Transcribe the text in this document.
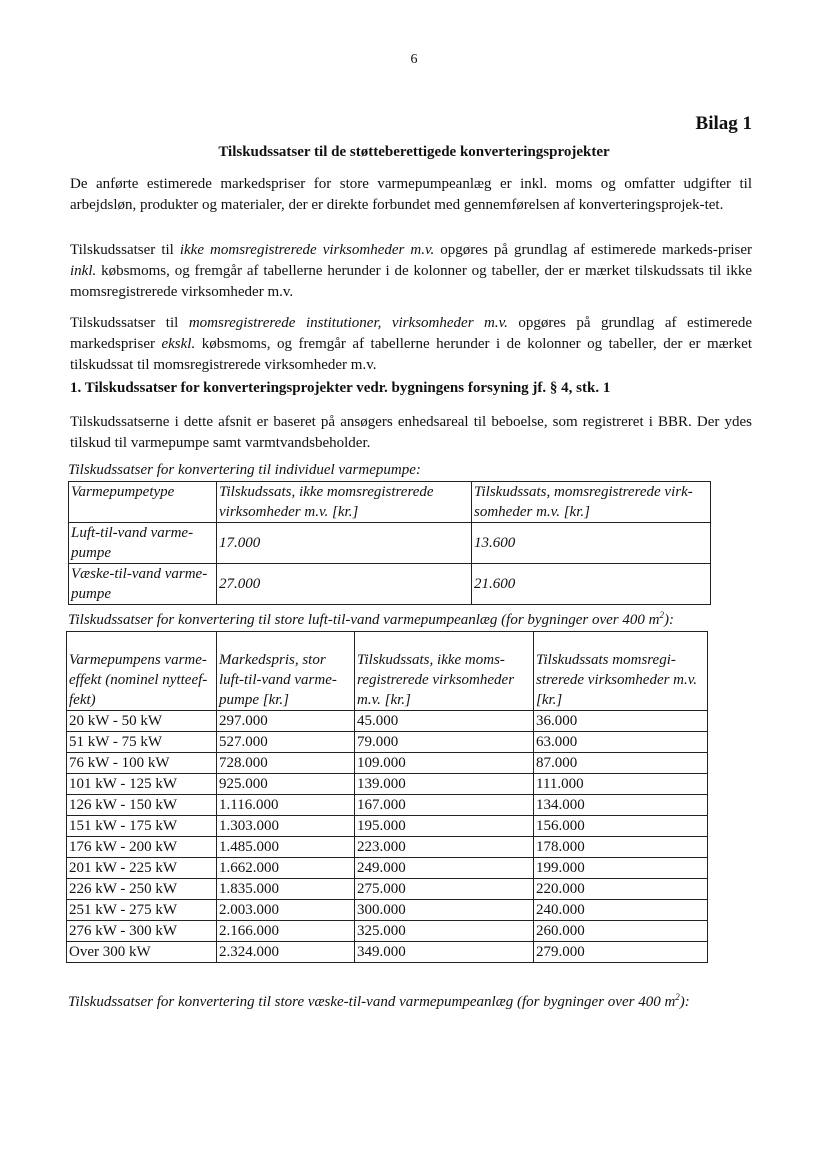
6
Bilag 1
Tilskudssatser til de støtteberettigede konverteringsprojekter
De anførte estimerede markedspriser for store varmepumpeanlæg er inkl. moms og omfatter udgifter til arbejdsløn, produkter og materialer, der er direkte forbundet med gennemførelsen af konverteringsprojek-tet.
Tilskudssatser til ikke momsregistrerede virksomheder m.v. opgøres på grundlag af estimerede markeds-priser inkl. købsmoms, og fremgår af tabellerne herunder i de kolonner og tabeller, der er mærket tilskudssats til ikke momsregistrerede virksomheder m.v.
Tilskudssatser til momsregistrerede institutioner, virksomheder m.v. opgøres på grundlag af estimerede markedspriser ekskl. købsmoms, og fremgår af tabellerne herunder i de kolonner og tabeller, der er mærket tilskudssat til momsregistrerede virksomheder m.v.
1. Tilskudssatser for konverteringsprojekter vedr. bygningens forsyning jf. § 4, stk. 1
Tilskudssatserne i dette afsnit er baseret på ansøgers enhedsareal til beboelse, som registreret i BBR. Der ydes tilskud til varmepumpe samt varmtvandsbeholder.
Tilskudssatser for konvertering til individuel varmepumpe:
Varmepumpetype	Tilskudssats, ikke momsregistrerede virksomheder m.v. [kr.]	Tilskudssats, momsregistrerede virk-somheder m.v. [kr.]
Luft-til-vand varme-pumpe	17.000	13.600
Væske-til-vand varme-pumpe	27.000	21.600
Tilskudssatser for konvertering til store luft-til-vand varmepumpeanlæg (for bygninger over 400 $m^2$):
Varmepumpens varme-effekt (nominel nytteef-fekt)	Markedspris, stor luft-til-vand varme-pumpe [kr.]	Tilskudssats, ikke moms-registrerede virksomheder m.v. [kr.]	Tilskudssats momsregi-strerede virksomheder m.v. [kr.]
20 kW - 50 kW	297.000	45.000	36.000
51 kW - 75 kW	527.000	79.000	63.000
76 kW - 100 kW	728.000	109.000	87.000
101 kW - 125 kW	925.000	139.000	111.000
126 kW - 150 kW	1.116.000	167.000	134.000
151 kW - 175 kW	1.303.000	195.000	156.000
176 kW - 200 kW	1.485.000	223.000	178.000
201 kW - 225 kW	1.662.000	249.000	199.000
226 kW - 250 kW	1.835.000	275.000	220.000
251 kW - 275 kW	2.003.000	300.000	240.000
276 kW - 300 kW	2.166.000	325.000	260.000
Over 300 kW	2.324.000	349.000	279.000
Tilskudssatser for konvertering til store væske-til-vand varmepumpeanlæg (for bygninger over 400 $m^2$):
